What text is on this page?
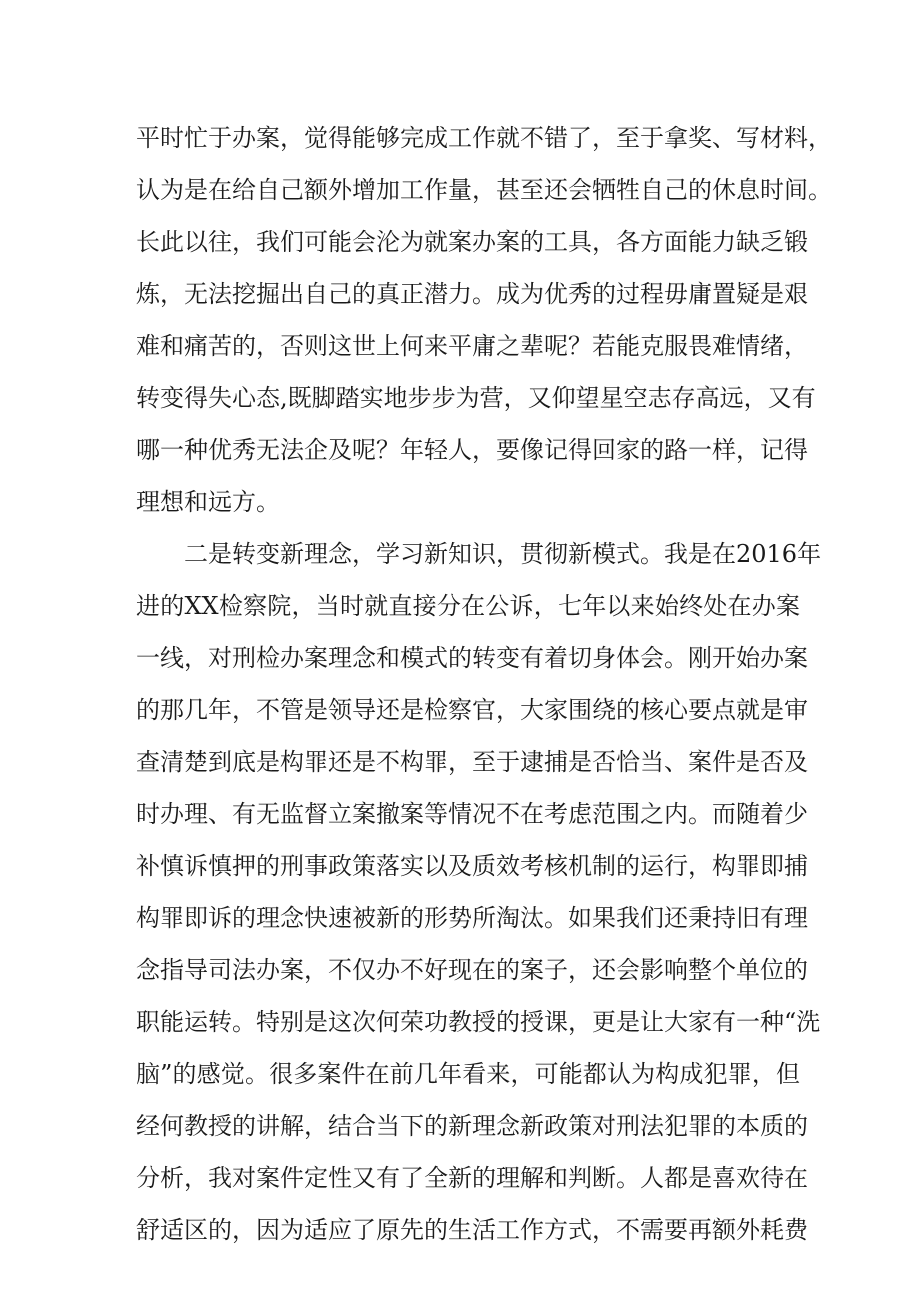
平时忙于办案，觉得能够完成工作就不错了，至于拿奖、写材料，
认为是在给自己额外增加工作量，甚至还会牺牲自己的休息时间。
长此以往，我们可能会沦为就案办案的工具，各方面能力缺乏锻
炼，无法挖掘出自己的真正潜力。成为优秀的过程毋庸置疑是艰
难和痛苦的，否则这世上何来平庸之辈呢？若能克服畏难情绪，
转变得失心态,既脚踏实地步步为营，又仰望星空志存高远，又有
哪一种优秀无法企及呢？年轻人，要像记得回家的路一样，记得
理想和远方。
二是转变新理念，学习新知识，贯彻新模式。我是在2016年
进的XX检察院，当时就直接分在公诉，七年以来始终处在办案
一线，对刑检办案理念和模式的转变有着切身体会。刚开始办案
的那几年，不管是领导还是检察官，大家围绕的核心要点就是审
查清楚到底是构罪还是不构罪，至于逮捕是否恰当、案件是否及
时办理、有无监督立案撤案等情况不在考虑范围之内。而随着少
补慎诉慎押的刑事政策落实以及质效考核机制的运行，构罪即捕
构罪即诉的理念快速被新的形势所淘汰。如果我们还秉持旧有理
念指导司法办案，不仅办不好现在的案子，还会影响整个单位的
职能运转。特别是这次何荣功教授的授课，更是让大家有一种“洗
脑”的感觉。很多案件在前几年看来，可能都认为构成犯罪，但
经何教授的讲解，结合当下的新理念新政策对刑法犯罪的本质的
分析，我对案件定性又有了全新的理解和判断。人都是喜欢待在
舒适区的，因为适应了原先的生活工作方式，不需要再额外耗费
